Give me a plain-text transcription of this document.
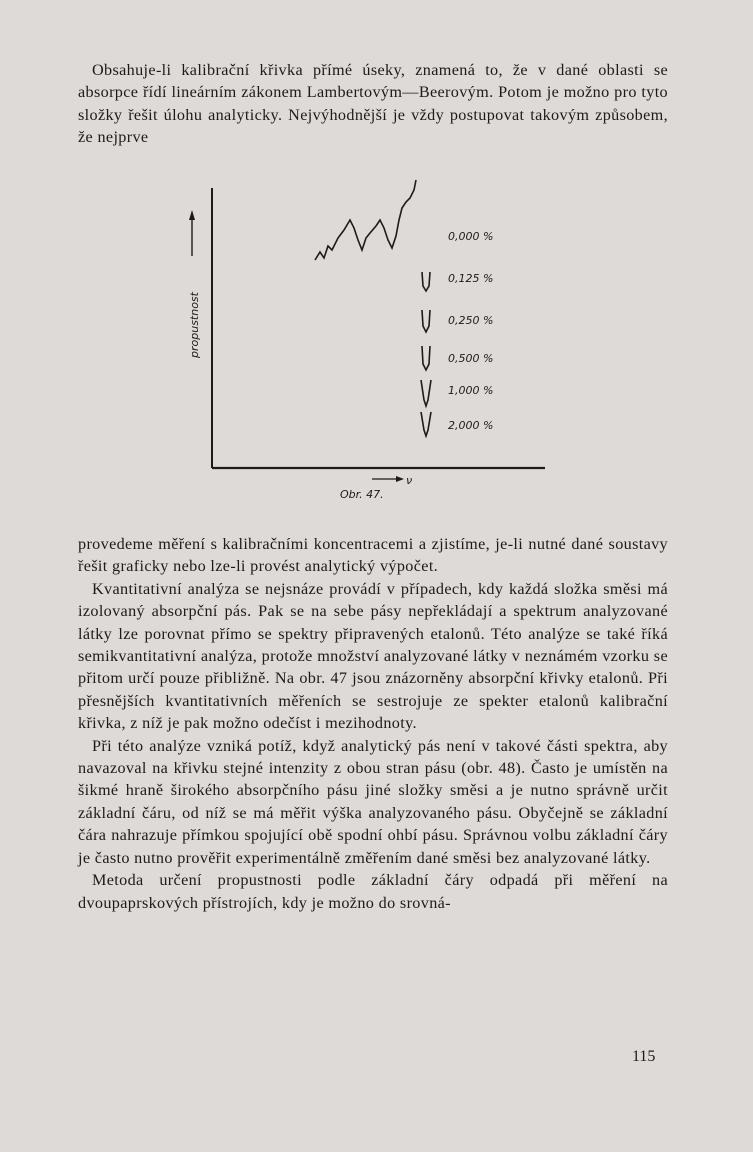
Obsahuje-li kalibrační křivka přímé úseky, znamená to, že v dané oblasti se absorpce řídí lineárním zákonem Lambertovým—Beerovým. Potom je možno pro tyto složky řešit úlohu analyticky. Nejvýhodnější je vždy postupovat takovým způsobem, že nejprve

propustnost
ν
0,000 %
0,125 %
0,250 %
0,500 %
1,000 %
2,000 %
Obr. 47.

provedeme měření s kalibračními koncentracemi a zjistíme, je-li nutné dané soustavy řešit graficky nebo lze-li provést analytický výpočet.

Kvantitativní analýza se nejsnáze provádí v případech, kdy každá složka směsi má izolovaný absorpční pás. Pak se na sebe pásy nepřekládají a spektrum analyzované látky lze porovnat přímo se spektry připravených etalonů. Této analýze se také říká semikvantitativní analýza, protože množství analyzované látky v neznámém vzorku se přitom určí pouze přibližně. Na obr. 47 jsou znázorněny absorpční křivky etalonů. Při přesnějších kvantitativních měřeních se sestrojuje ze spekter etalonů kalibrační křivka, z níž je pak možno odečíst i mezihodnoty.

Při této analýze vzniká potíž, když analytický pás není v takové části spektra, aby navazoval na křivku stejné intenzity z obou stran pásu (obr. 48). Často je umístěn na šikmé hraně širokého absorpčního pásu jiné složky směsi a je nutno správně určit základní čáru, od níž se má měřit výška analyzovaného pásu. Obyčejně se základní čára nahrazuje přímkou spojující obě spodní ohbí pásu. Správnou volbu základní čáry je často nutno prověřit experimentálně změřením dané směsi bez analyzované látky.

Metoda určení propustnosti podle základní čáry odpadá při měření na dvoupaprskových přístrojích, kdy je možno do srovná-

115
